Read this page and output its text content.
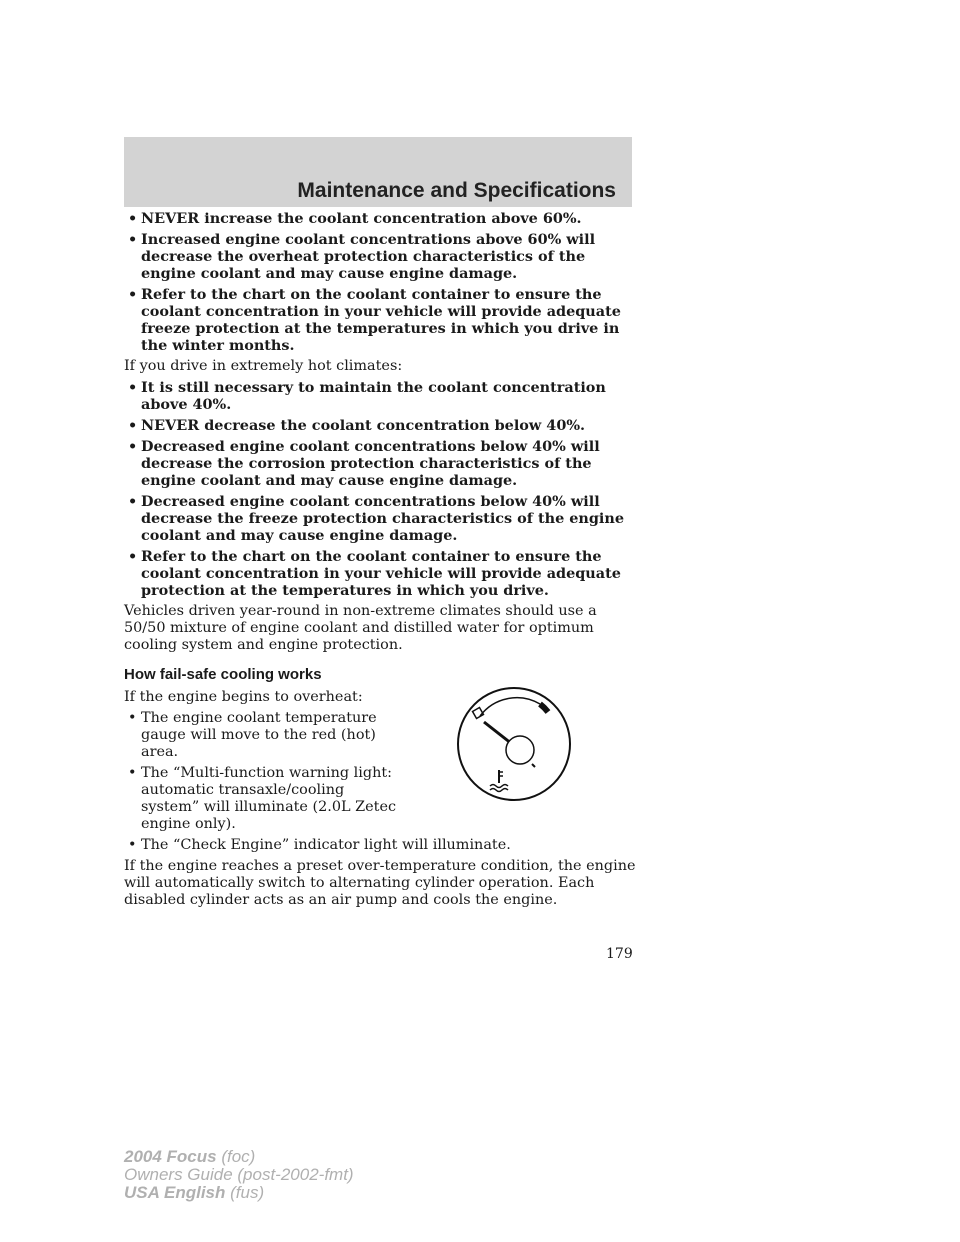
Maintenance and Specifications
• NEVER increase the coolant concentration above 60%.
• Increased engine coolant concentrations above 60% will decrease the overheat protection characteristics of the engine coolant and may cause engine damage.
• Refer to the chart on the coolant container to ensure the coolant concentration in your vehicle will provide adequate freeze protection at the temperatures in which you drive in the winter months.
If you drive in extremely hot climates:
• It is still necessary to maintain the coolant concentration above 40%.
• NEVER decrease the coolant concentration below 40%.
• Decreased engine coolant concentrations below 40% will decrease the corrosion protection characteristics of the engine coolant and may cause engine damage.
• Decreased engine coolant concentrations below 40% will decrease the freeze protection characteristics of the engine coolant and may cause engine damage.
• Refer to the chart on the coolant container to ensure the coolant concentration in your vehicle will provide adequate protection at the temperatures in which you drive.
Vehicles driven year-round in non-extreme climates should use a 50/50 mixture of engine coolant and distilled water for optimum cooling system and engine protection.
How fail-safe cooling works
If the engine begins to overheat:
• The engine coolant temperature gauge will move to the red (hot) area.
• The “Multi-function warning light: automatic transaxle/cooling system” will illuminate (2.0L Zetec engine only).
• The “Check Engine” indicator light will illuminate.
If the engine reaches a preset over-temperature condition, the engine will automatically switch to alternating cylinder operation. Each disabled cylinder acts as an air pump and cools the engine.
179
2004 Focus (foc)
Owners Guide (post-2002-fmt)
USA English (fus)
